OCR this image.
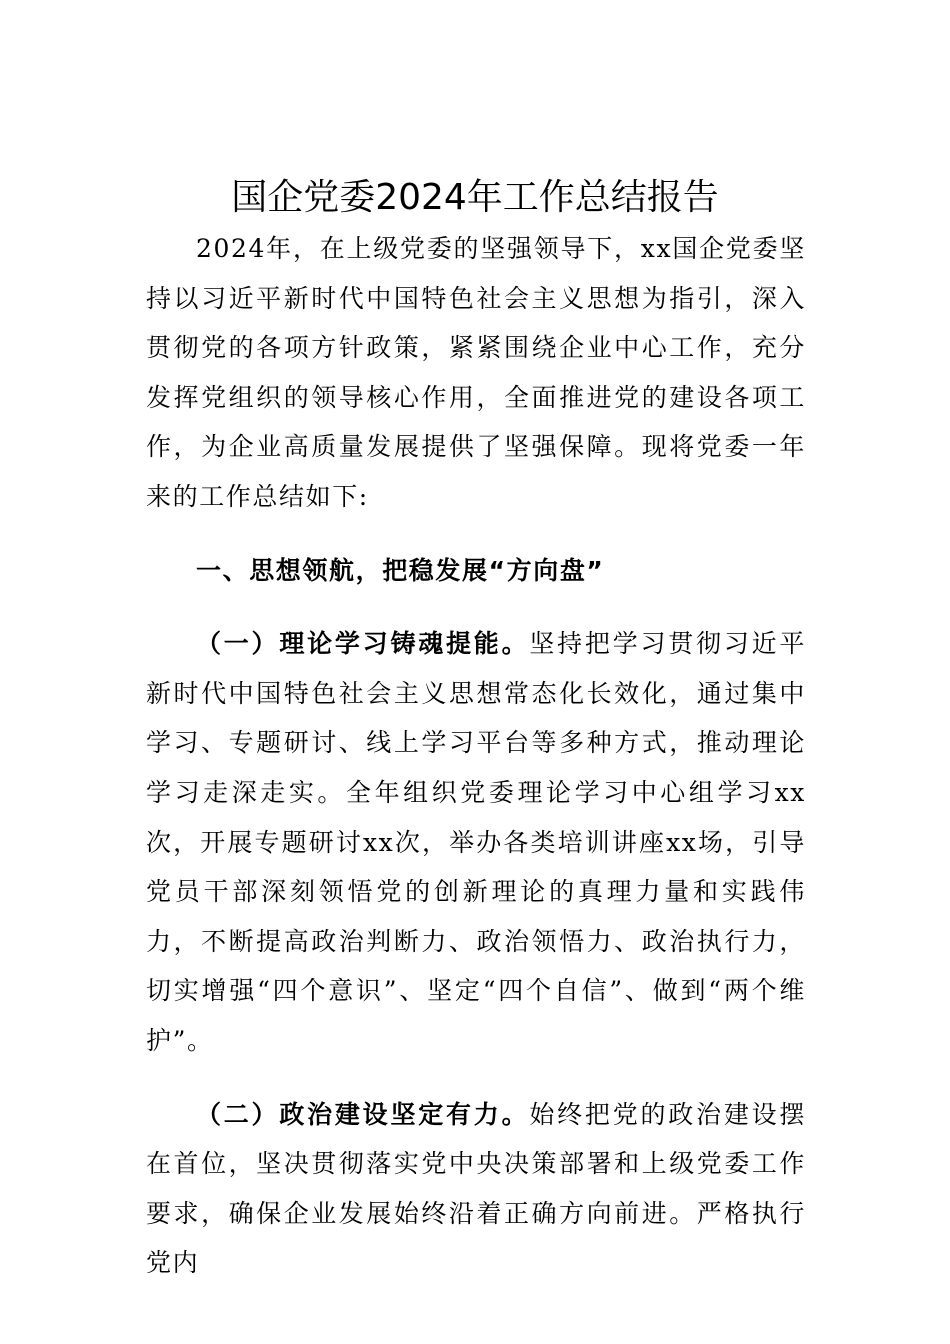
国企党委2024年工作总结报告

2024年，在上级党委的坚强领导下，xx国企党委坚持以习近平新时代中国特色社会主义思想为指引，深入贯彻党的各项方针政策，紧紧围绕企业中心工作，充分发挥党组织的领导核心作用，全面推进党的建设各项工作，为企业高质量发展提供了坚强保障。现将党委一年来的工作总结如下:

一、思想领航，把稳发展“方向盘”

（一）理论学习铸魂提能。坚持把学习贯彻习近平新时代中国特色社会主义思想常态化长效化，通过集中学习、专题研讨、线上学习平台等多种方式，推动理论学习走深走实。全年组织党委理论学习中心组学习xx次，开展专题研讨xx次，举办各类培训讲座xx场，引导党员干部深刻领悟党的创新理论的真理力量和实践伟力，不断提高政治判断力、政治领悟力、政治执行力，切实增强“四个意识”、坚定“四个自信”、做到“两个维护”。

（二）政治建设坚定有力。始终把党的政治建设摆在首位，坚决贯彻落实党中央决策部署和上级党委工作要求，确保企业发展始终沿着正确方向前进。严格执行党内
